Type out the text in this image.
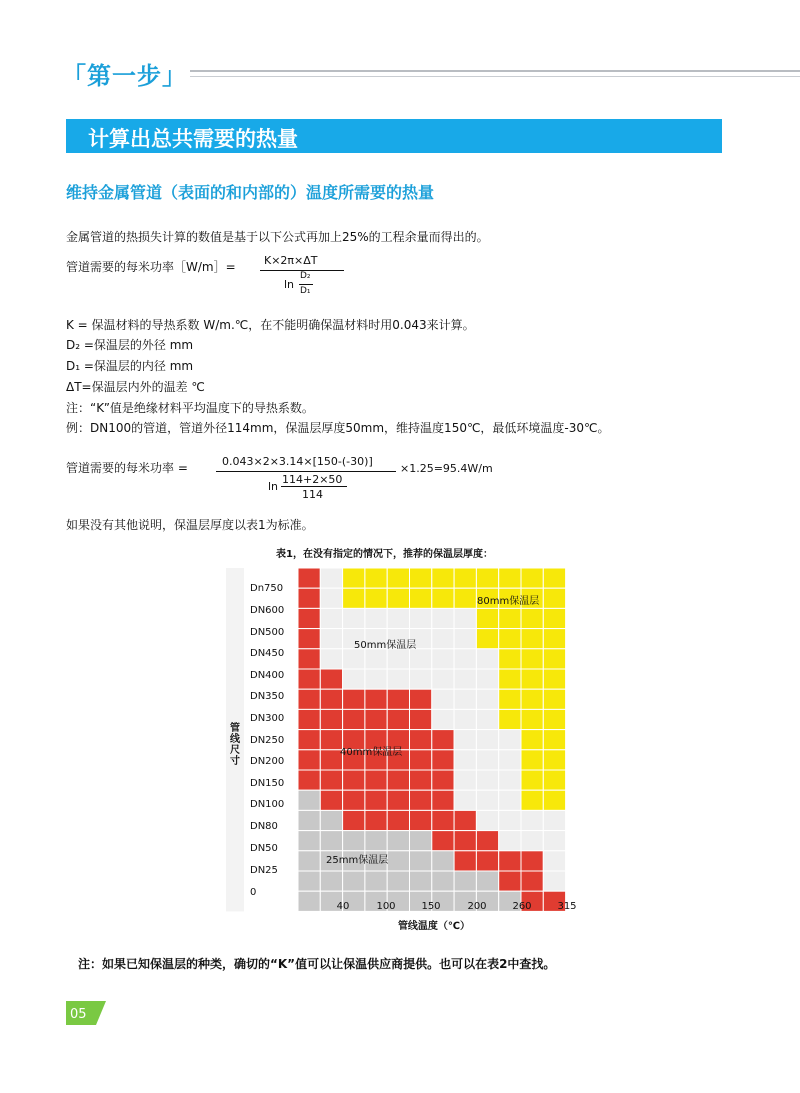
「第一步」
计算出总共需要的热量
维持金属管道（表面的和内部的）温度所需要的热量
金属管道的热损失计算的数值是基于以下公式再加上25%的工程余量而得出的。
管道需要的每米功率［W/m］=	K×2π×ΔT
ln
D₂
D₁
K = 保温材料的导热系数 W/m.℃，在不能明确保温材料时用0.043来计算。
D₂ =保温层的外径 mm
D₁ =保温层的内径 mm
ΔT=保温层内外的温差 ℃
注：“K”值是绝缘材料平均温度下的导热系数。
例：DN100的管道，管道外径114mm，保温层厚度50mm，维持温度150℃，最低环境温度-30℃。
管道需要的每米功率 =	0.043×2×3.14×[150-(-30)]
ln
114+2×50
114
×1.25=95.4W/m
如果没有其他说明，保温层厚度以表1为标准。
表1，在没有指定的情况下，推荐的保温层厚度：
Dn750
DN600
DN500
DN450
DN400
DN350
DN300
DN250
DN200
DN150
DN100
DN80
DN50
DN25
0
40	100	150	200	260	315
25mm保温层
40mm保温层
50mm保温层
80mm保温层
管线温度（℃）
管线尺寸
注：如果已知保温层的种类，确切的“K”值可以让保温供应商提供。也可以在表2中查找。
05
